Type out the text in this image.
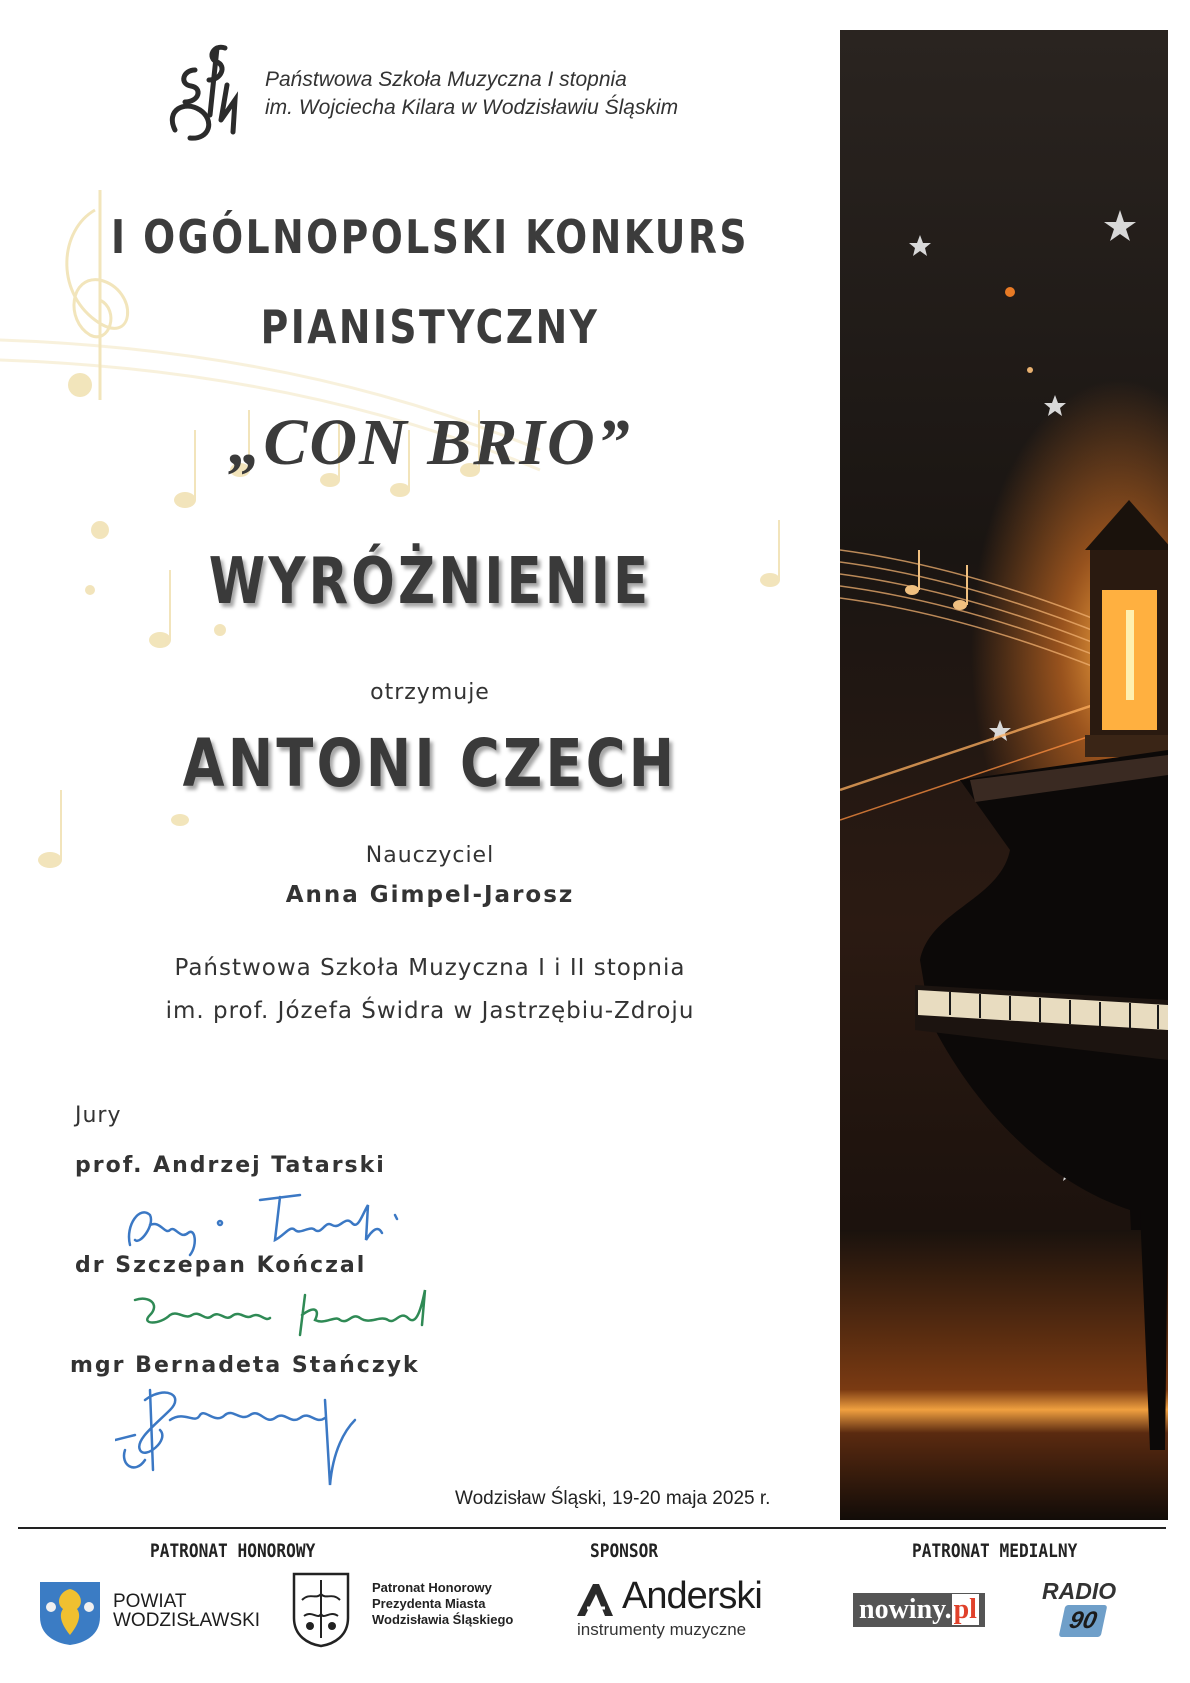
Państwowa Szkoła Muzyczna I stopnia
im. Wojciecha Kilara w Wodzisławiu Śląskim
I OGÓLNOPOLSKI KONKURS
PIANISTYCZNY
„CON BRIO”
WYRÓŻNIENIE
otrzymuje
ANTONI CZECH
Nauczyciel
Anna Gimpel-Jarosz
Państwowa Szkoła Muzyczna I i II stopnia
im. prof. Józefa Świdra w Jastrzębiu-Zdroju
Jury
prof. Andrzej Tatarski
dr Szczepan Kończal
mgr Bernadeta Stańczyk
Wodzisław Śląski, 19-20 maja 2025 r.
PATRONAT HONOROWY	SPONSOR	PATRONAT MEDIALNY
POWIAT
WODZISŁAWSKI
Patronat Honorowy
Prezydenta Miasta
Wodzisławia Śląskiego
Anderski
instrumenty muzyczne
nowiny.pl
RADIO
90
